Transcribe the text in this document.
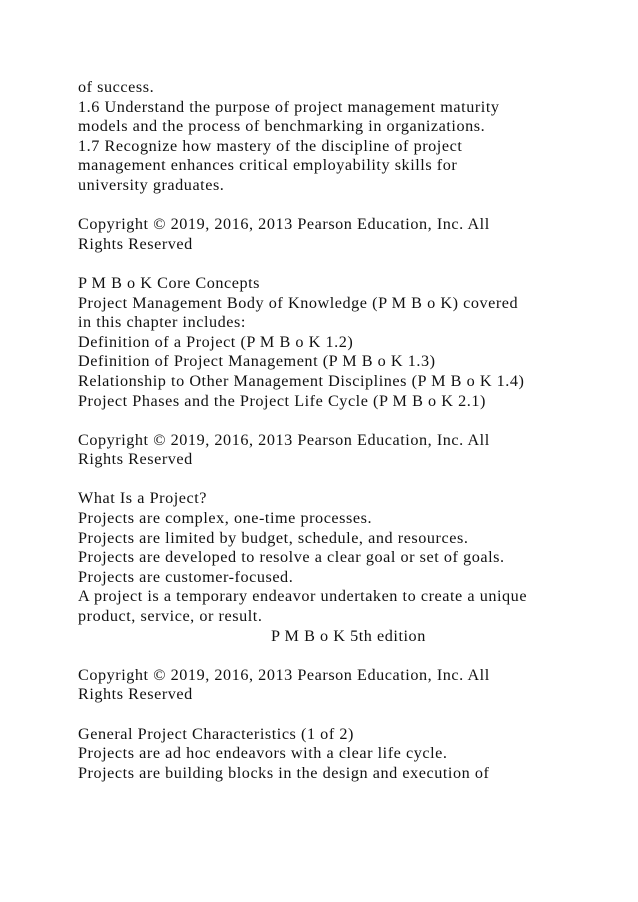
of success.
1.6 Understand the purpose of project management maturity
models and the process of benchmarking in organizations.
1.7 Recognize how mastery of the discipline of project
management enhances critical employability skills for
university graduates.
Copyright © 2019, 2016, 2013 Pearson Education, Inc. All
Rights Reserved
P M B o K Core Concepts
Project Management Body of Knowledge (P M B o K) covered
in this chapter includes:
Definition of a Project (P M B o K 1.2)
Definition of Project Management (P M B o K 1.3)
Relationship to Other Management Disciplines (P M B o K 1.4)
Project Phases and the Project Life Cycle (P M B o K 2.1)
Copyright © 2019, 2016, 2013 Pearson Education, Inc. All
Rights Reserved
What Is a Project?
Projects are complex, one-time processes.
Projects are limited by budget, schedule, and resources.
Projects are developed to resolve a clear goal or set of goals.
Projects are customer-focused.
A project is a temporary endeavor undertaken to create a unique
product, service, or result.
P M B o K 5th edition
Copyright © 2019, 2016, 2013 Pearson Education, Inc. All
Rights Reserved
General Project Characteristics (1 of 2)
Projects are ad hoc endeavors with a clear life cycle.
Projects are building blocks in the design and execution of
